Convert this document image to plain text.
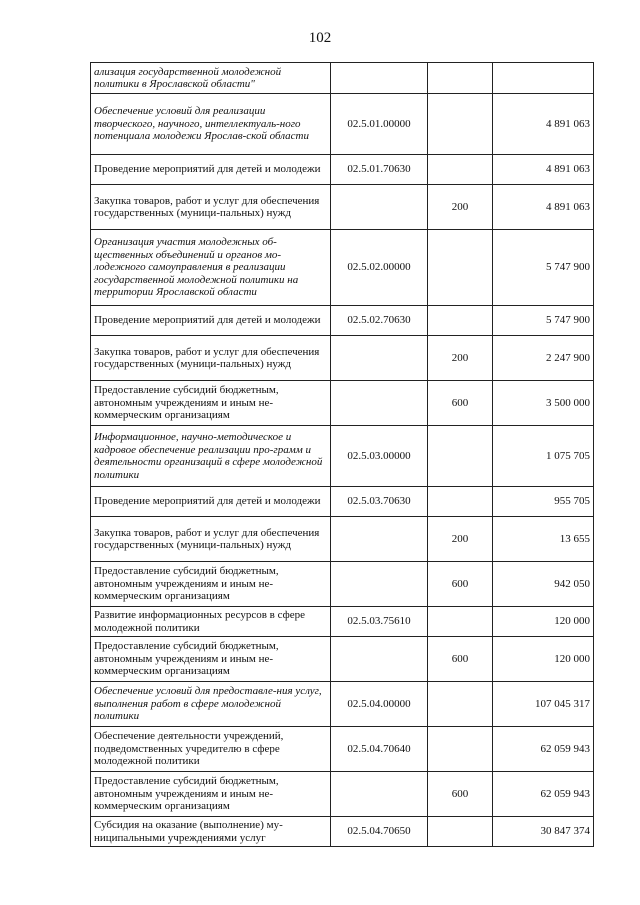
102
ализация государственной молодежной политики в Ярославской области"			
Обеспечение условий для реализации творческого, научного, интеллектуаль-ного потенциала молодежи Ярослав-ской области	02.5.01.00000		4 891 063
Проведение мероприятий для детей и молодежи	02.5.01.70630		4 891 063
Закупка товаров, работ и услуг для обеспечения государственных (муници-пальных) нужд		200	4 891 063
Организация участия молодежных об-щественных объединений и органов мо-лодежного самоуправления в реализации государственной молодежной политики на территории Ярославской области	02.5.02.00000		5 747 900
Проведение мероприятий для детей и молодежи	02.5.02.70630		5 747 900
Закупка товаров, работ и услуг для обеспечения государственных (муници-пальных) нужд		200	2 247 900
Предоставление субсидий бюджетным, автономным учреждениям и иным не-коммерческим организациям		600	3 500 000
Информационное, научно-методическое и кадровое обеспечение реализации про-грамм и деятельности организаций в сфере молодежной политики	02.5.03.00000		1 075 705
Проведение мероприятий для детей и молодежи	02.5.03.70630		955 705
Закупка товаров, работ и услуг для обеспечения государственных (муници-пальных) нужд		200	13 655
Предоставление субсидий бюджетным, автономным учреждениям и иным не-коммерческим организациям		600	942 050
Развитие информационных ресурсов в сфере молодежной политики	02.5.03.75610		120 000
Предоставление субсидий бюджетным, автономным учреждениям и иным не-коммерческим организациям		600	120 000
Обеспечение условий для предоставле-ния услуг, выполнения работ в сфере молодежной политики	02.5.04.00000		107 045 317
Обеспечение деятельности учреждений, подведомственных учредителю в сфере молодежной политики	02.5.04.70640		62 059 943
Предоставление субсидий бюджетным, автономным учреждениям и иным не-коммерческим организациям		600	62 059 943
Субсидия на оказание (выполнение) му-ниципальными учреждениями услуг	02.5.04.70650		30 847 374
